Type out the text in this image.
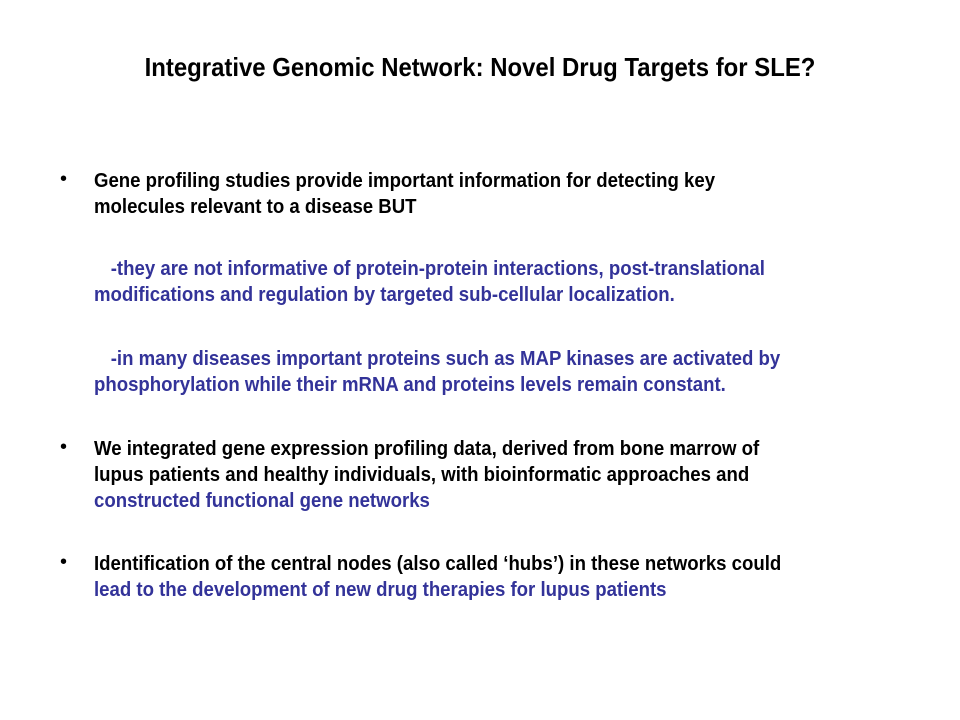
Integrative Genomic Network: Novel Drug Targets for SLE?
• Gene profiling studies provide important information for detecting key
molecules relevant to a disease BUT
-they are not informative of protein-protein interactions, post-translational
modifications and regulation by targeted sub-cellular localization.
-in many diseases important proteins such as MAP kinases are activated by
phosphorylation while their mRNA and proteins levels remain constant.
• We integrated gene expression profiling data, derived from bone marrow of
lupus patients and healthy individuals, with bioinformatic approaches and
constructed functional gene networks
• Identification of the central nodes (also called ‘hubs’) in these networks could
lead to the development of new drug therapies for lupus patients
